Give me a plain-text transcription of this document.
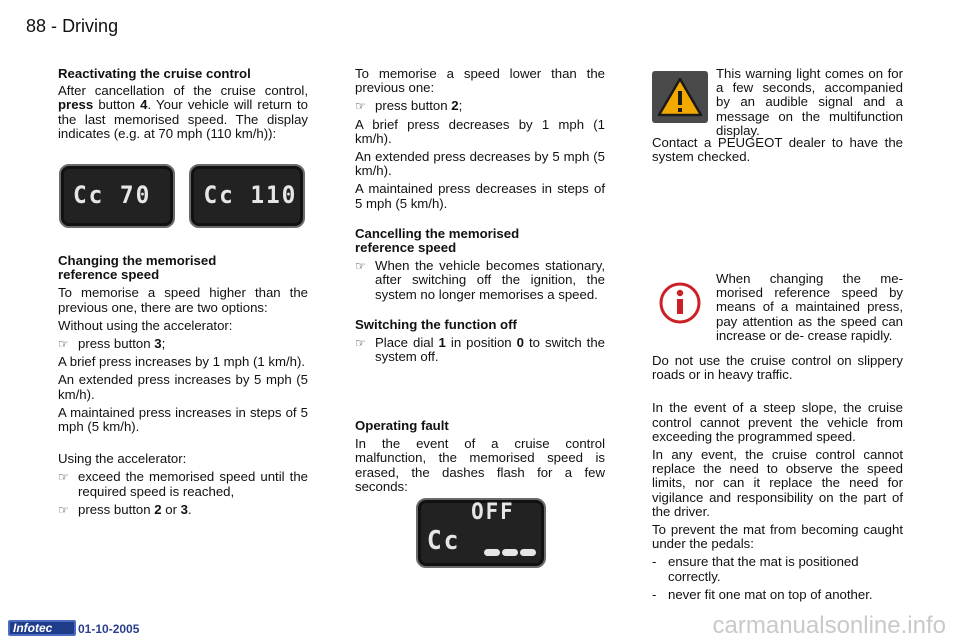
88 - Driving

Reactivating the cruise control

After cancellation of the cruise control, press button 4. Your vehicle will return to the last memorised speed. The display indicates (e.g. at 70 mph (110 km/h)):

Cc 70 Cc 110

Changing the memorised

reference speed

To memorise a speed higher than the previous one, there are two options:

Without using the accelerator:

☞ press button 3;

A brief press increases by 1 mph (1 km/h).

An extended press increases by 5 mph (5 km/h).

A maintained press increases in steps of 5 mph (5 km/h).

Using the accelerator:

☞ exceed the memorised speed until the required speed is reached,
☞ press button 2 or 3.

To memorise a speed lower than the previous one:

☞ press button 2;

A brief press decreases by 1 mph (1 km/h).

An extended press decreases by 5 mph (5 km/h).

A maintained press decreases in steps of 5 mph (5 km/h).

Cancelling the memorised

reference speed

☞ When the vehicle becomes stationary, after switching off the ignition, the system no longer memorises a speed.

Switching the function off

☞ Place dial 1 in position 0 to switch the system off.

Operating fault

In the event of a cruise control malfunction, the memorised speed is erased, the dashes flash for a few seconds:

OFF
Cc

This warning light comes on for a few seconds, accompanied by an audible signal and a message on the multifunction display.

Contact a PEUGEOT dealer to have the system checked.

When changing the me- morised reference speed by means of a maintained press, pay attention as the speed can increase or de- crease rapidly.

Do not use the cruise control on slippery roads or in heavy traffic.

In the event of a steep slope, the cruise control cannot prevent the vehicle from exceeding the programmed speed.

In any event, the cruise control cannot replace the need to observe the speed limits, nor can it replace the need for vigilance and responsibility on the part of the driver.

To prevent the mat from becoming caught under the pedals:

- ensure that the mat is positioned correctly.
- never fit one mat on top of another.
Infotec	01-10-2005	carmanualsonline.info
